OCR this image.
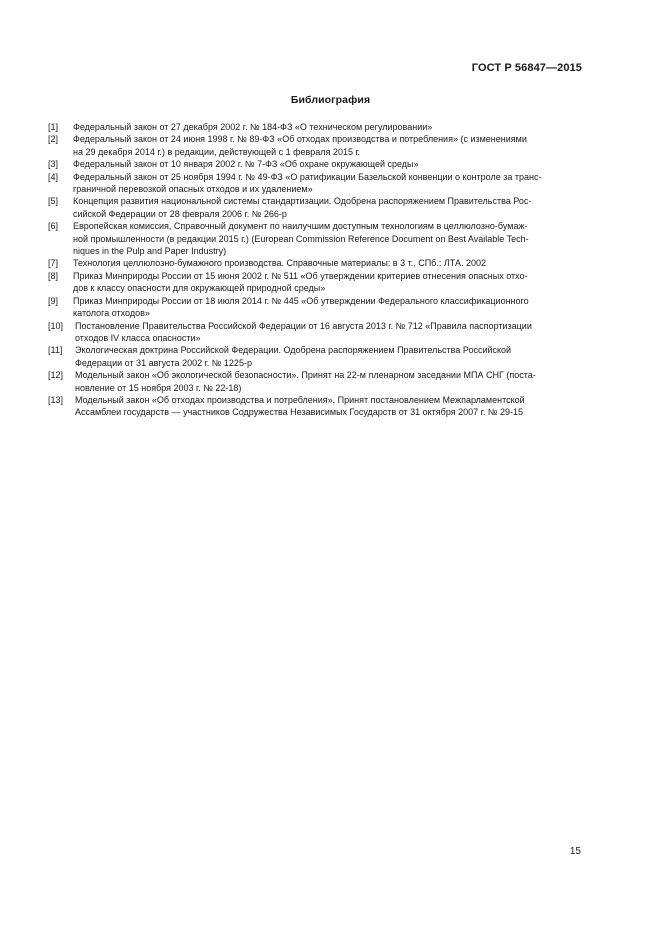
ГОСТ Р 56847—2015
Библиография
[1]	Федеральный закон от 27 декабря 2002 г. № 184-ФЗ «О техническом регулировании»
[2]	Федеральный закон от 24 июня 1998 г. № 89-ФЗ «Об отходах производства и потребления» (с изменениями
на 29 декабря 2014 г.) в редакции, действующей с 1 февраля 2015 г.
[3]	Федеральный закон от 10 января 2002 г. № 7-ФЗ «Об охране окружающей среды»
[4]	Федеральный закон от 25 ноября 1994 г. № 49-ФЗ «О ратификации Базельской конвенции о контроле за транс-
граничной перевозкой опасных отходов и их удалением»
[5]	Концепция развития национальной системы стандартизации. Одобрена распоряжением Правительства Рос-
сийской Федерации от 28 февраля 2006 г. № 266-р
[6]	Европейская комиссия, Справочный документ по наилучшим доступным технологиям в целлюлозно-бумаж-
ной промышленности (в редакции 2015 г.) (European Commission Reference Document on Best Available Tech-
niques in the Pulp and Paper Industry)
[7]	Технология целлюлозно-бумажного производства. Справочные материалы: в 3 т., СПб.: ЛТА. 2002
[8]	Приказ Минприроды России от 15 июня 2002 г. № 511 «Об утверждении критериев отнесения опасных отхо-
дов к классу опасности для окружающей природной среды»
[9]	Приказ Минприроды России от 18 июля 2014 г. № 445 «Об утверждении Федерального классификационного
католога отходов»
[10]	Постановление Правительства Российской Федерации от 16 августа 2013 г. № 712 «Правила паспортизации
отходов IV класса опасности»
[11]	Экологическая доктрина Российской Федерации. Одобрена распоряжением Правительства Российской
Федерации от 31 августа 2002 г. № 1225-р
[12]	Модельный закон «Об экологической безопасности». Принят на 22-м пленарном заседании МПА СНГ (поста-
новление от 15 ноября 2003 г. № 22-18)
[13]	Модельный закон «Об отходах производства и потребления». Принят постановлением Межпарламентской
Ассамблеи государств — участников Содружества Независимых Государств от 31 октября 2007 г. № 29-15
15
